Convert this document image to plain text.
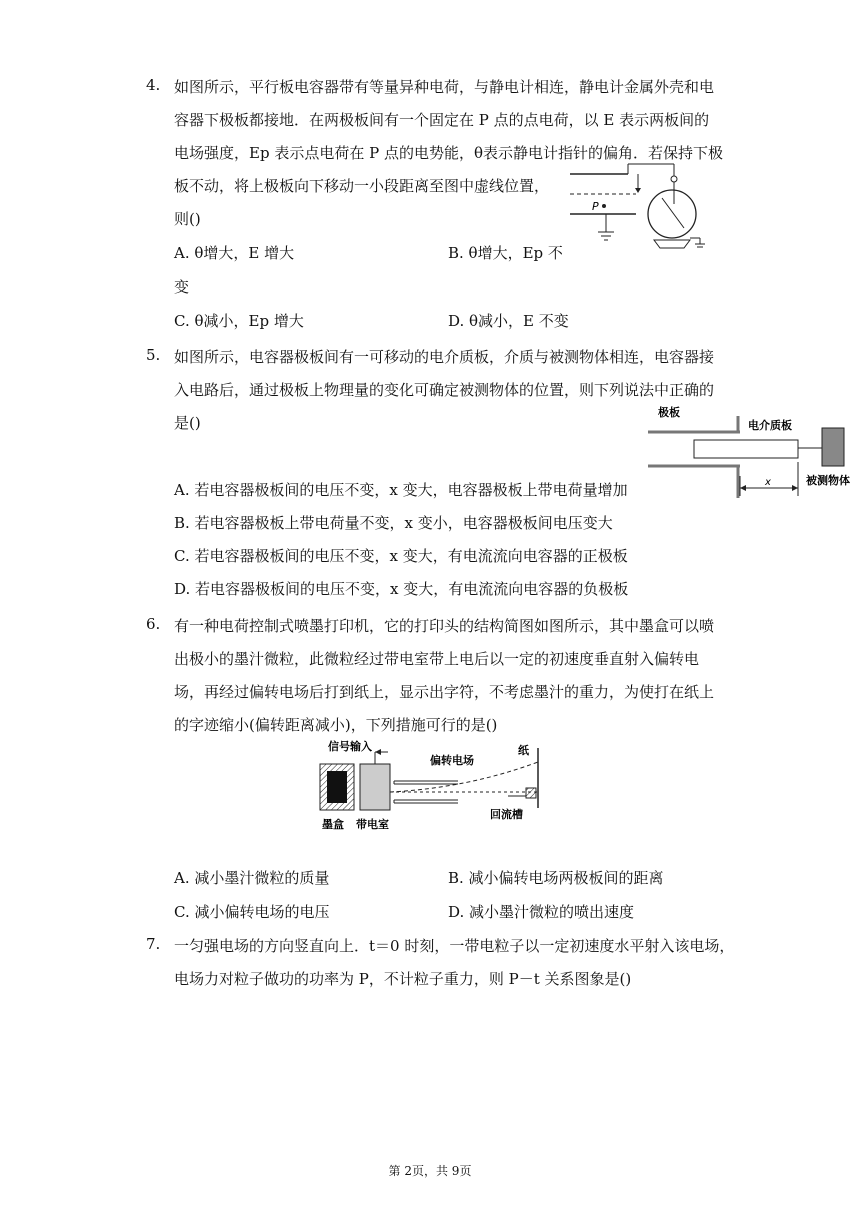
4. 如图所示，平行板电容器带有等量异种电荷，与静电计相连，静电计金属外壳和电
容器下极板都接地．在两极板间有一个固定在 P 点的点电荷，以 E 表示两板间的
电场强度，Ep 表示点电荷在 P 点的电势能，θ表示静电计指针的偏角．若保持下极
板不动，将上极板向下移动一小段距离至图中虚线位置，
则()
A. θ增大，E 增大	B. θ增大，Ep 不
变
C. θ减小，Ep 增大	D. θ减小，E 不变
P
5. 如图所示，电容器极板间有一可移动的电介质板，介质与被测物体相连，电容器接
入电路后，通过极板上物理量的变化可确定被测物体的位置，则下列说法中正确的
是()
A. 若电容器极板间的电压不变，x 变大，电容器极板上带电荷量增加
B. 若电容器极板上带电荷量不变，x 变小，电容器极板间电压变大
C. 若电容器极板间的电压不变，x 变大，有电流流向电容器的正极板
D. 若电容器极板间的电压不变，x 变大，有电流流向电容器的负极板
极板
电介质板
被测物体
x
6. 有一种电荷控制式喷墨打印机，它的打印头的结构简图如图所示，其中墨盒可以喷
出极小的墨汁微粒，此微粒经过带电室带上电后以一定的初速度垂直射入偏转电
场，再经过偏转电场后打到纸上，显示出字符，不考虑墨汁的重力，为使打在纸上
的字迹缩小(偏转距离减小)，下列措施可行的是()
A. 减小墨汁微粒的质量	B. 减小偏转电场两极板间的距离
C. 减小偏转电场的电压	D. 减小墨汁微粒的喷出速度
信号输入
偏转电场
纸
墨盒 带电室
回流槽
7. 一匀强电场的方向竖直向上．t＝0 时刻，一带电粒子以一定初速度水平射入该电场，
电场力对粒子做功的功率为 P，不计粒子重力，则 P－t 关系图象是()
第 2页，共 9页
